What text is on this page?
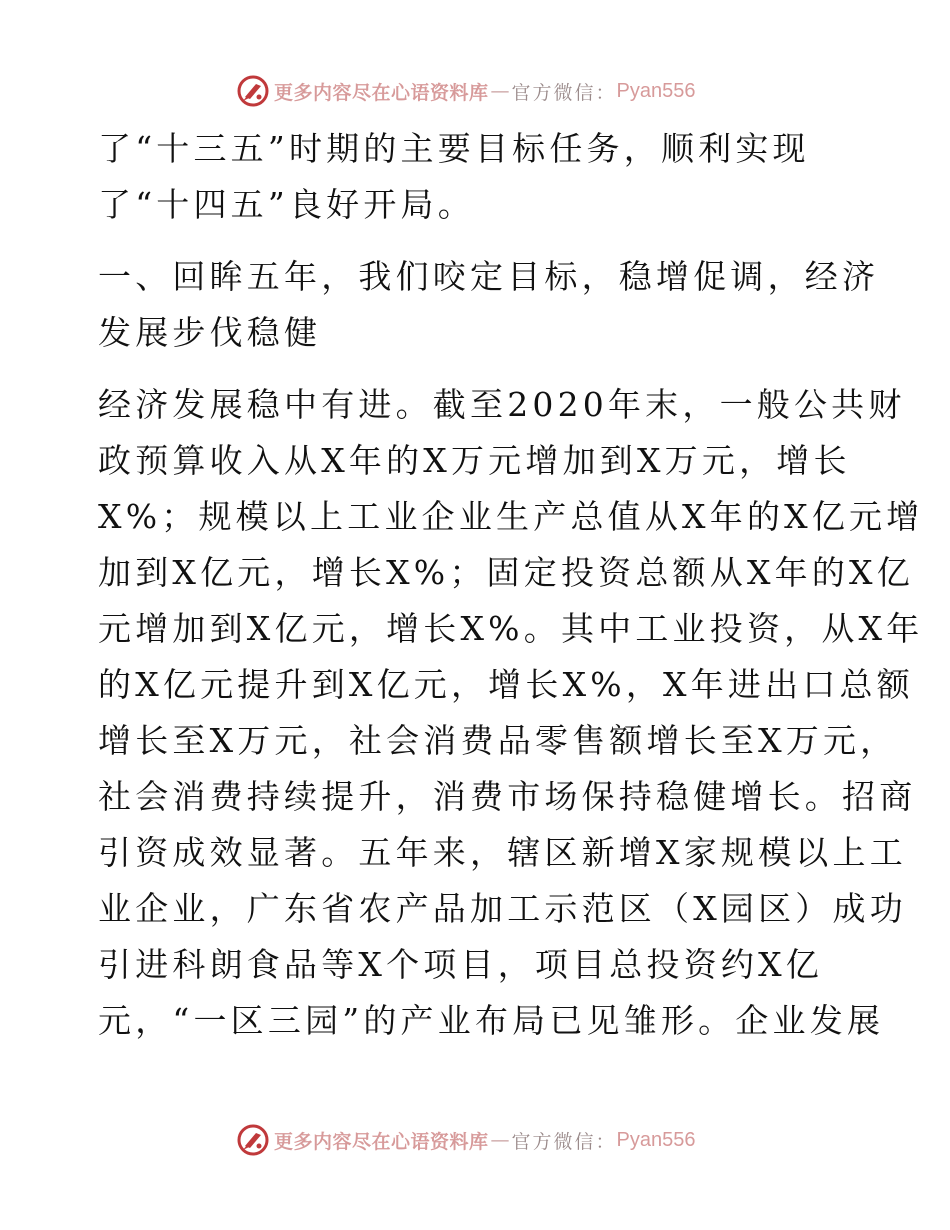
更多内容尽在心语资料库 — 官方微信： Pyan556
了“十三五”时期的主要目标任务，顺利实现
了“十四五”良好开局。
一、回眸五年，我们咬定目标，稳增促调，经济
发展步伐稳健
经济发展稳中有进。截至2020年末，一般公共财
政预算收入从X年的X万元增加到X万元，增长
X%；规模以上工业企业生产总值从X年的X亿元增
加到X亿元，增长X%；固定投资总额从X年的X亿
元增加到X亿元，增长X%。其中工业投资，从X年
的X亿元提升到X亿元，增长X%，X年进出口总额
增长至X万元，社会消费品零售额增长至X万元，
社会消费持续提升，消费市场保持稳健增长。招商
引资成效显著。五年来，辖区新增X家规模以上工
业企业，广东省农产品加工示范区（X园区）成功
引进科朗食品等X个项目，项目总投资约X亿
元，“一区三园”的产业布局已见雏形。企业发展
更多内容尽在心语资料库 — 官方微信： Pyan556
